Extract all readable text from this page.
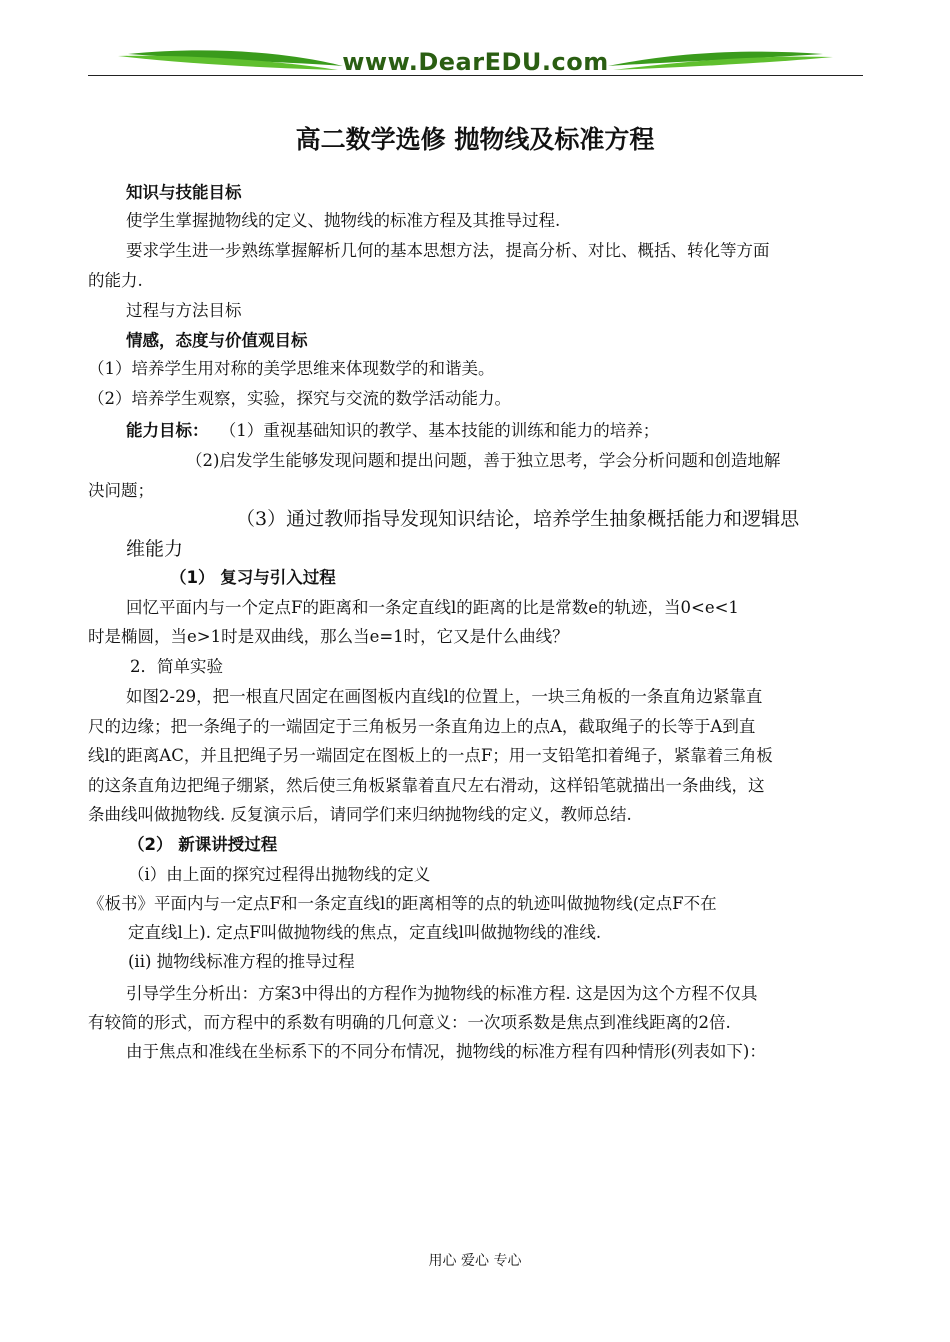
www.DearEDU.com
高二数学选修 抛物线及标准方程
知识与技能目标
使学生掌握抛物线的定义、抛物线的标准方程及其推导过程.
要求学生进一步熟练掌握解析几何的基本思想方法，提高分析、对比、概括、转化等方面
的能力.
过程与方法目标
情感，态度与价值观目标
（1）培养学生用对称的美学思维来体现数学的和谐美。
（2）培养学生观察，实验，探究与交流的数学活动能力。
能力目标： （1）重视基础知识的教学、基本技能的训练和能力的培养；
（2)启发学生能够发现问题和提出问题，善于独立思考，学会分析问题和创造地解
决问题；
（3）通过教师指导发现知识结论，培养学生抽象概括能力和逻辑思
维能力
（1） 复习与引入过程
回忆平面内与一个定点F的距离和一条定直线l的距离的比是常数e的轨迹，当0<e<1
时是椭圆，当e>1时是双曲线，那么当e=1时，它又是什么曲线？
2．简单实验
如图2-29，把一根直尺固定在画图板内直线l的位置上，一块三角板的一条直角边紧靠直
尺的边缘；把一条绳子的一端固定于三角板另一条直角边上的点A，截取绳子的长等于A到直
线l的距离AC，并且把绳子另一端固定在图板上的一点F；用一支铅笔扣着绳子，紧靠着三角板
的这条直角边把绳子绷紧，然后使三角板紧靠着直尺左右滑动，这样铅笔就描出一条曲线，这
条曲线叫做抛物线. 反复演示后，请同学们来归纳抛物线的定义，教师总结.
（2） 新课讲授过程
（i）由上面的探究过程得出抛物线的定义
《板书》平面内与一定点F和一条定直线l的距离相等的点的轨迹叫做抛物线(定点F不在
定直线l上). 定点F叫做抛物线的焦点，定直线l叫做抛物线的准线.
(ii) 抛物线标准方程的推导过程
引导学生分析出：方案3中得出的方程作为抛物线的标准方程. 这是因为这个方程不仅具
有较简的形式，而方程中的系数有明确的几何意义：一次项系数是焦点到准线距离的2倍.
由于焦点和准线在坐标系下的不同分布情况，抛物线的标准方程有四种情形(列表如下)：
用心 爱心 专心
